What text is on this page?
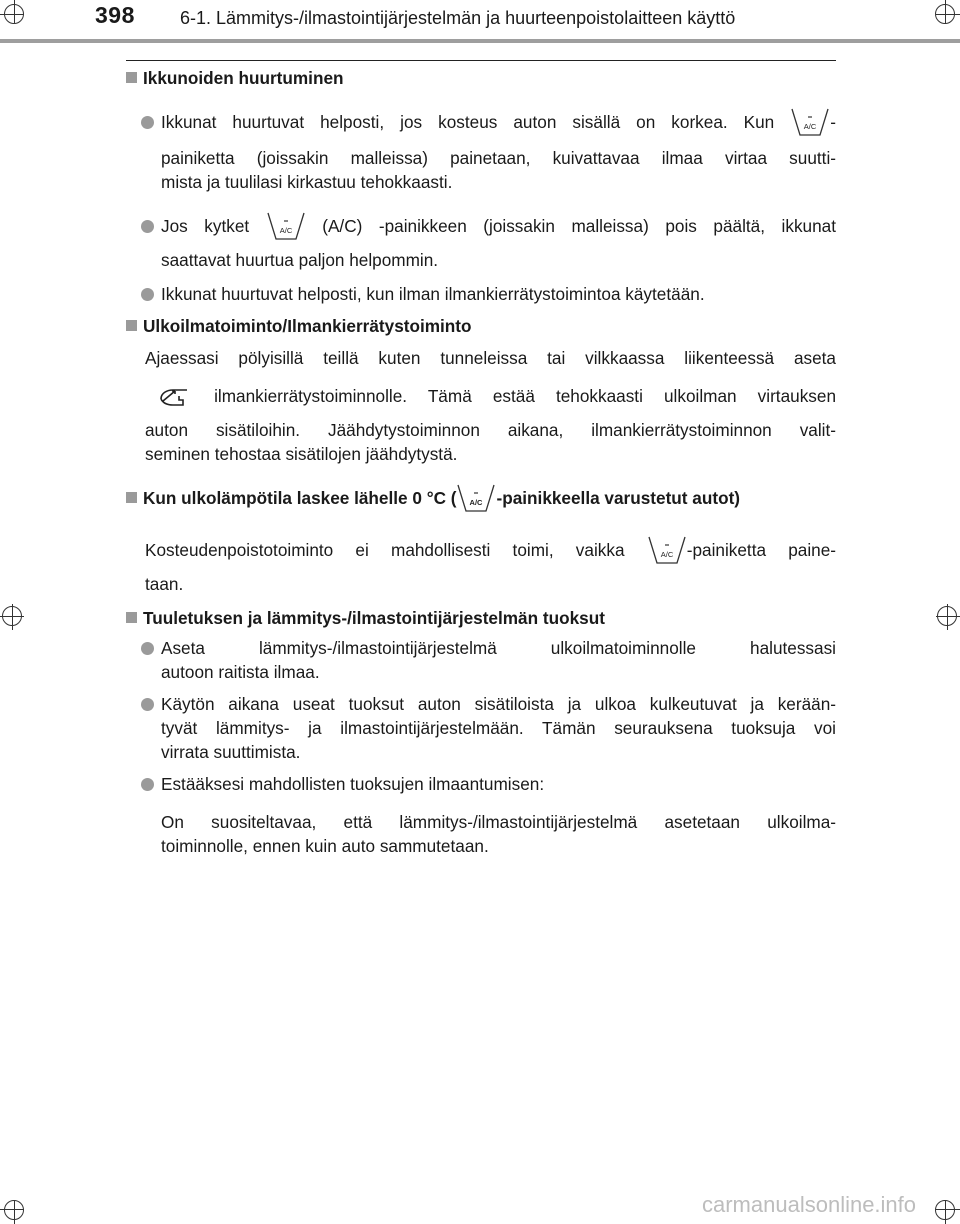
398	6-1. Lämmitys-/ilmastointijärjestelmän ja huurteenpoistolaitteen käyttö
Ikkunoiden huurtuminen
Ikkunat huurtuvat helposti, jos kosteus auton sisällä on korkea. Kun	A/C -
painiketta (joissakin malleissa) painetaan, kuivattavaa ilmaa virtaa suutti-
mista ja tuulilasi kirkastuu tehokkaasti.
Jos kytket	A/C (A/C) -painikkeen (joissakin malleissa) pois päältä, ikkunat
saattavat huurtua paljon helpommin.
Ikkunat huurtuvat helposti, kun ilman ilmankierrätystoimintoa käytetään.
Ulkoilmatoiminto/Ilmankierrätystoiminto
Ajaessasi pölyisillä teillä kuten tunneleissa tai vilkkaassa liikenteessä aseta
ilmankierrätystoiminnolle. Tämä estää tehokkaasti ulkoilman virtauksen
auton sisätiloihin. Jäähdytystoiminnon aikana, ilmankierrätystoiminnon valit-
seminen tehostaa sisätilojen jäähdytystä.
Kun ulkolämpötila laskee lähelle 0 °C ( A/C -painikkeella varustetut autot)
Kosteudenpoistotoiminto ei mahdollisesti toimi, vaikka	A/C -painiketta paine-
taan.
Tuuletuksen ja lämmitys-/ilmastointijärjestelmän tuoksut
Aseta lämmitys-/ilmastointijärjestelmä ulkoilmatoiminnolle halutessasi
autoon raitista ilmaa.
Käytön aikana useat tuoksut auton sisätiloista ja ulkoa kulkeutuvat ja kerään-
tyvät lämmitys- ja ilmastointijärjestelmään. Tämän seurauksena tuoksuja voi
virrata suuttimista.
Estääksesi mahdollisten tuoksujen ilmaantumisen:
On suositeltavaa, että lämmitys-/ilmastointijärjestelmä asetetaan ulkoilma-
toiminnolle, ennen kuin auto sammutetaan.
carmanualsonline.info
